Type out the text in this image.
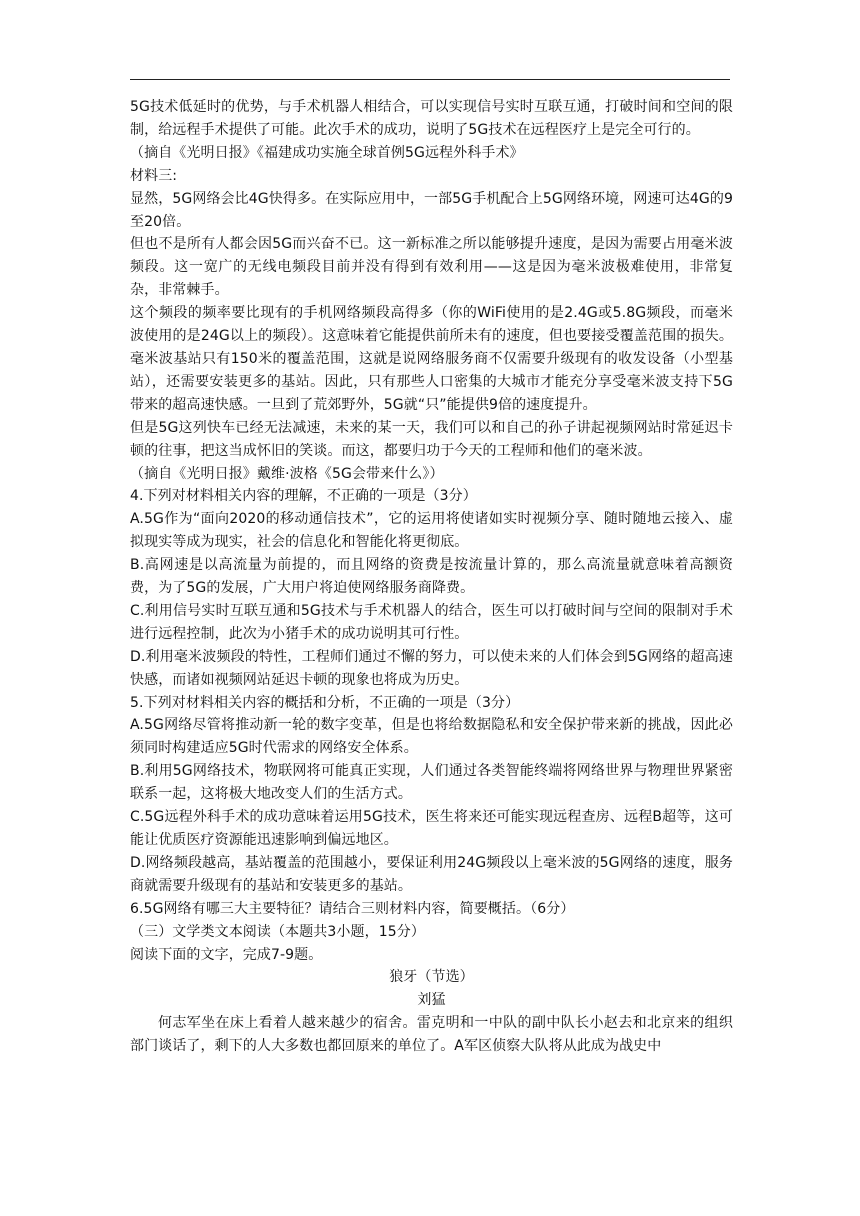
5G技术低延时的优势，与手术机器人相结合，可以实现信号实时互联互通，打破时间和空间的限制，给远程手术提供了可能。此次手术的成功，说明了5G技术在远程医疗上是完全可行的。

（摘自《光明日报》《福建成功实施全球首例5G远程外科手术》

材料三:

显然，5G网络会比4G快得多。在实际应用中，一部5G手机配合上5G网络环境，网速可达4G的9至20倍。

但也不是所有人都会因5G而兴奋不已。这一新标准之所以能够提升速度，是因为需要占用毫米波频段。这一宽广的无线电频段目前并没有得到有效利用——这是因为毫米波极难使用，非常复杂，非常棘手。

这个频段的频率要比现有的手机网络频段高得多（你的WiFi使用的是2.4G或5.8G频段，而毫米波使用的是24G以上的频段）。这意味着它能提供前所未有的速度，但也要接受覆盖范围的损失。毫米波基站只有150米的覆盖范围，这就是说网络服务商不仅需要升级现有的收发设备（小型基站），还需要安装更多的基站。因此，只有那些人口密集的大城市才能充分享受毫米波支持下5G带来的超高速快感。一旦到了荒郊野外，5G就“只”能提供9倍的速度提升。

但是5G这列快车已经无法减速，未来的某一天，我们可以和自己的孙子讲起视频网站时常延迟卡顿的往事，把这当成怀旧的笑谈。而这，都要归功于今天的工程师和他们的毫米波。

（摘自《光明日报》戴维·波格《5G会带来什么》）

4.下列对材料相关内容的理解，不正确的一项是（3分）

A.5G作为“面向2020的移动通信技术”，它的运用将使诸如实时视频分享、随时随地云接入、虚拟现实等成为现实，社会的信息化和智能化将更彻底。

B.高网速是以高流量为前提的，而且网络的资费是按流量计算的，那么高流量就意味着高额资费，为了5G的发展，广大用户将迫使网络服务商降费。

C.利用信号实时互联互通和5G技术与手术机器人的结合，医生可以打破时间与空间的限制对手术进行远程控制，此次为小猪手术的成功说明其可行性。

D.利用毫米波频段的特性，工程师们通过不懈的努力，可以使未来的人们体会到5G网络的超高速快感，而诸如视频网站延迟卡顿的现象也将成为历史。

5.下列对材料相关内容的概括和分析，不正确的一项是（3分）

A.5G网络尽管将推动新一轮的数字变革，但是也将给数据隐私和安全保护带来新的挑战，因此必须同时构建适应5G时代需求的网络安全体系。

B.利用5G网络技术，物联网将可能真正实现，人们通过各类智能终端将网络世界与物理世界紧密联系一起，这将极大地改变人们的生活方式。

C.5G远程外科手术的成功意味着运用5G技术，医生将来还可能实现远程查房、远程B超等，这可能让优质医疗资源能迅速影响到偏远地区。

D.网络频段越高，基站覆盖的范围越小，要保证利用24G频段以上毫米波的5G网络的速度，服务商就需要升级现有的基站和安装更多的基站。

6.5G网络有哪三大主要特征？请结合三则材料内容，简要概括。（6分）

（三）文学类文本阅读（本题共3小题，15分）

阅读下面的文字，完成7-9题。

狼牙（节选）

刘猛

何志军坐在床上看着人越来越少的宿舍。雷克明和一中队的副中队长小赵去和北京来的组织部门谈话了，剩下的人大多数也都回原来的单位了。A军区侦察大队将从此成为战史中
